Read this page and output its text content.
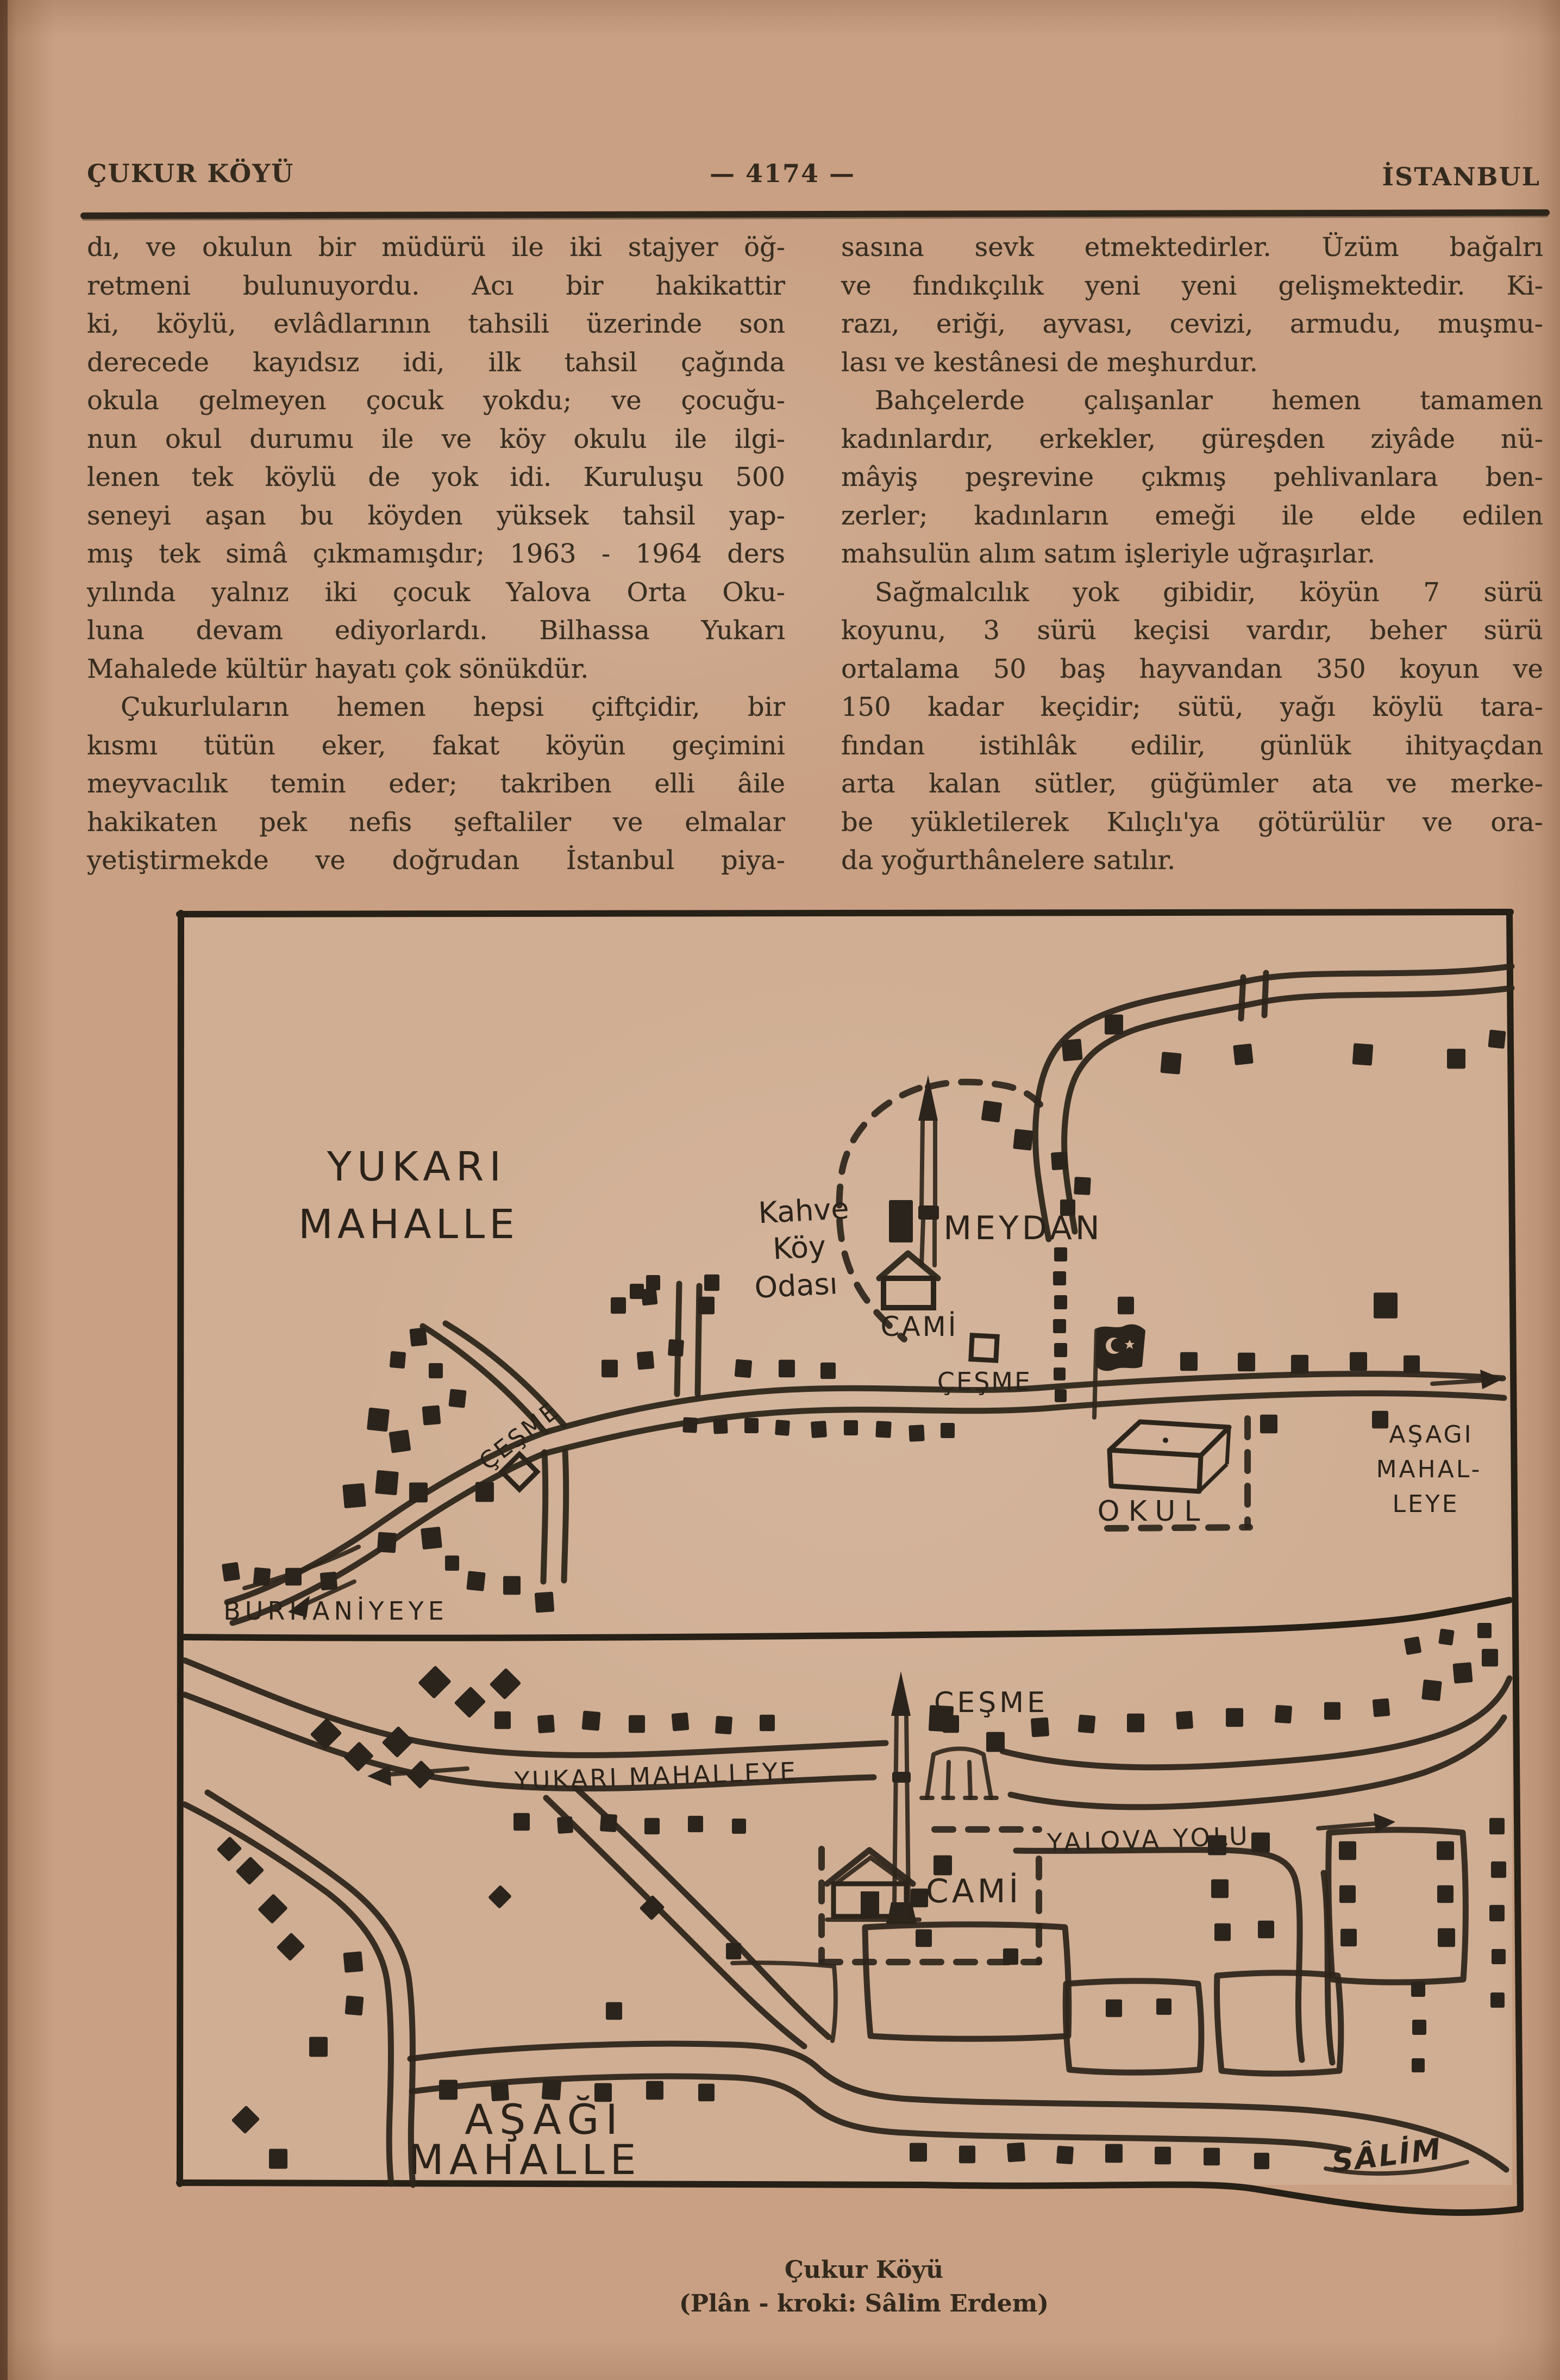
ÇUKUR KÖYÜ	— 4174 —	İSTANBUL
dı, ve okulun bir müdürü ile iki stajyer öğ-
retmeni bulunuyordu. Acı bir hakikattir
ki, köylü, evlâdlarının tahsili üzerinde son
derecede kayıdsız idi, ilk tahsil çağında
okula gelmeyen çocuk yokdu; ve çocuğu-
nun okul durumu ile ve köy okulu ile ilgi-
lenen tek köylü de yok idi. Kuruluşu 500
seneyi aşan bu köyden yüksek tahsil yap-
mış tek simâ çıkmamışdır; 1963 - 1964 ders
yılında yalnız iki çocuk Yalova Orta Oku-
luna devam ediyorlardı. Bilhassa Yukarı
Mahalede kültür hayatı çok sönükdür.
Çukurluların hemen hepsi çiftçidir, bir
kısmı tütün eker, fakat köyün geçimini
meyvacılık temin eder; takriben elli âile
hakikaten pek nefis şeftaliler ve elmalar
yetiştirmekde ve doğrudan İstanbul piya-
sasına sevk etmektedirler. Üzüm bağalrı
ve fındıkçılık yeni yeni gelişmektedir. Ki-
razı, eriği, ayvası, cevizi, armudu, muşmu-
lası ve kestânesi de meşhurdur.
Bahçelerde çalışanlar hemen tamamen
kadınlardır, erkekler, güreşden ziyâde nü-
mâyiş peşrevine çıkmış pehlivanlara ben-
zerler; kadınların emeği ile elde edilen
mahsulün alım satım işleriyle uğraşırlar.
Sağmalcılık yok gibidir, köyün 7 sürü
koyunu, 3 sürü keçisi vardır, beher sürü
ortalama 50 baş hayvandan 350 koyun ve
150 kadar keçidir; sütü, yağı köylü tara-
fından istihlâk edilir, günlük ihityaçdan
arta kalan sütler, güğümler ata ve merke-
be yükletilerek Kılıçlı'ya götürülür ve ora-
da yoğurthânelere satılır.
YUKARI
MAHALLE	Kahve
Köy
Odası
MEYDAN
CAMİ
ÇEŞME
ÇEŞME
BURHANİYEYE
AŞAGI
MAHAL-
LEYE
OKUL
ÇEŞME
YUKARI MAHALLEYE
YALOVA YOLU
CAMİ
AŞAĞI
MAHALLE	SÂLİM
Çukur Köyü
(Plân - kroki: Sâlim Erdem)
